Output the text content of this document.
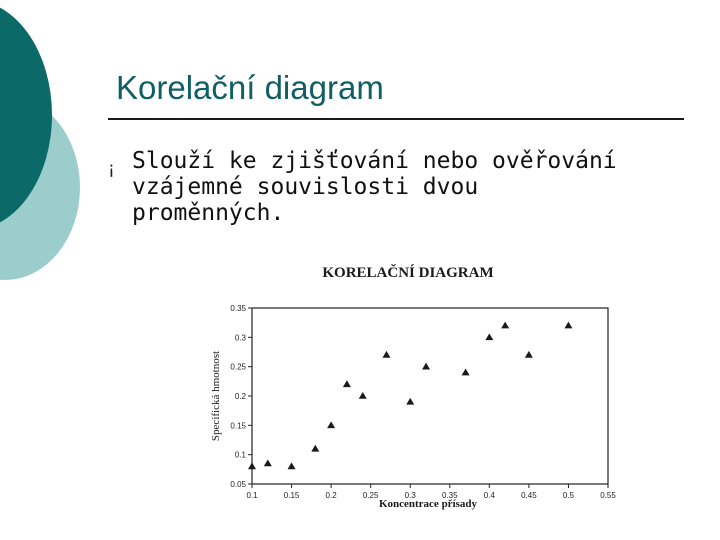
Korelační diagram
¡ Slouží ke zjišťování nebo ověřování
vzájemné souvislosti dvou
proměnných.
KORELAČNÍ DIAGRAM
Specifická hmotnost
Koncentrace přísady
0.05
0.1
0.15
0.2
0.25
0.3
0.35
0.1	0.15	0.2	0.25	0.3	0.35	0.4	0.45	0.5	0.55
